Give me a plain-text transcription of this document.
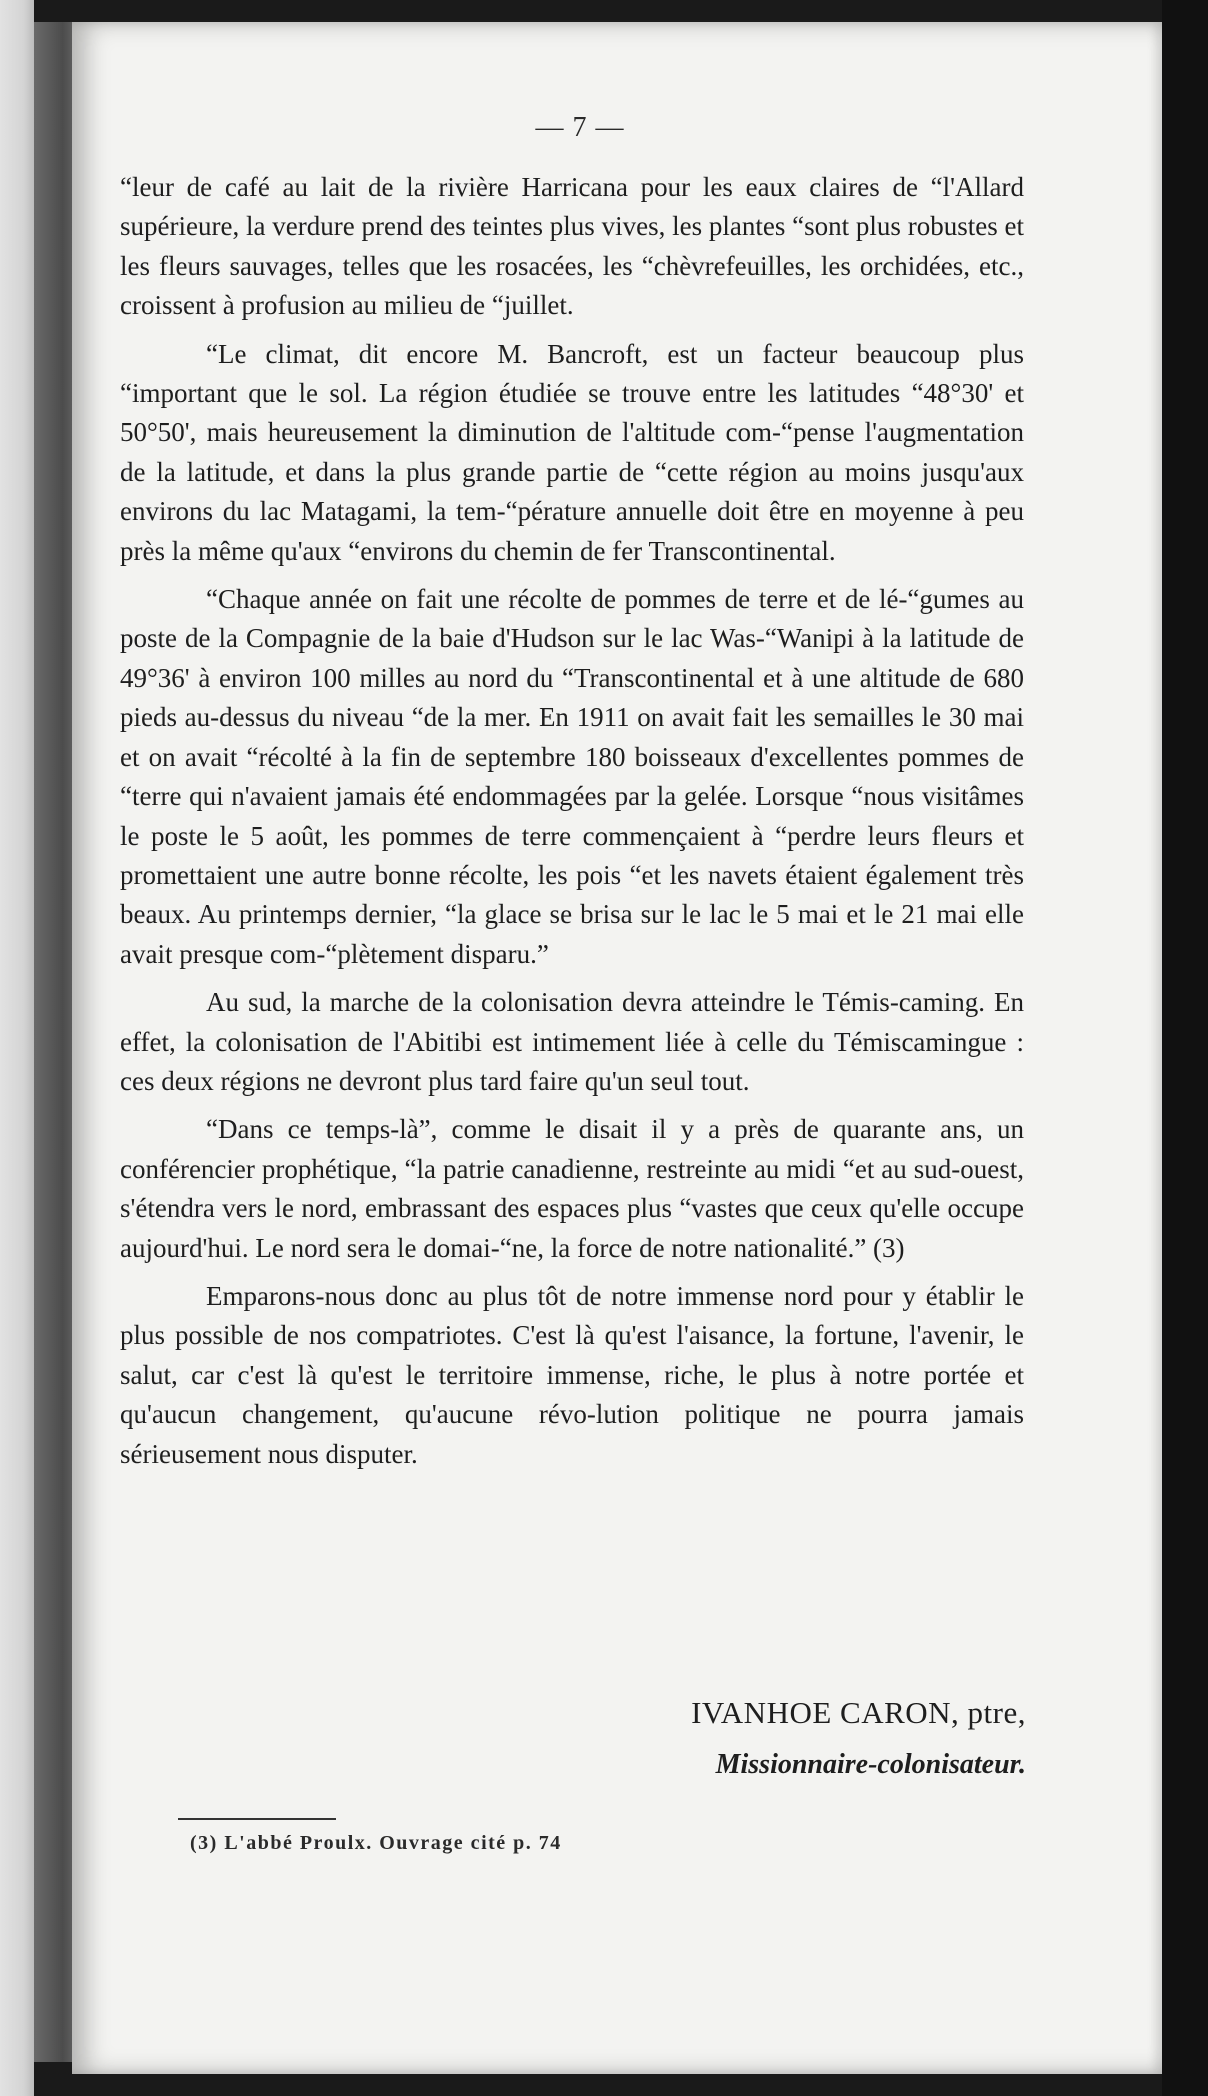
— 7 —

“leur de café au lait de la rivière Harricana pour les eaux claires de “l'Allard supérieure, la verdure prend des teintes plus vives, les plantes “sont plus robustes et les fleurs sauvages, telles que les rosacées, les “chèvrefeuilles, les orchidées, etc., croissent à profusion au milieu de “juillet.

“Le climat, dit encore M. Bancroft, est un facteur beaucoup plus “important que le sol. La région étudiée se trouve entre les latitudes “48°30' et 50°50', mais heureusement la diminution de l'altitude com-“pense l'augmentation de la latitude, et dans la plus grande partie de “cette région au moins jusqu'aux environs du lac Matagami, la tem-“pérature annuelle doit être en moyenne à peu près la même qu'aux “environs du chemin de fer Transcontinental.

“Chaque année on fait une récolte de pommes de terre et de lé-“gumes au poste de la Compagnie de la baie d'Hudson sur le lac Was-“Wanipi à la latitude de 49°36' à environ 100 milles au nord du “Transcontinental et à une altitude de 680 pieds au-dessus du niveau “de la mer. En 1911 on avait fait les semailles le 30 mai et on avait “récolté à la fin de septembre 180 boisseaux d'excellentes pommes de “terre qui n'avaient jamais été endommagées par la gelée. Lorsque “nous visitâmes le poste le 5 août, les pommes de terre commençaient à “perdre leurs fleurs et promettaient une autre bonne récolte, les pois “et les navets étaient également très beaux. Au printemps dernier, “la glace se brisa sur le lac le 5 mai et le 21 mai elle avait presque com-“plètement disparu.”

Au sud, la marche de la colonisation devra atteindre le Témis-caming. En effet, la colonisation de l'Abitibi est intimement liée à celle du Témiscamingue : ces deux régions ne devront plus tard faire qu'un seul tout.

“Dans ce temps-là”, comme le disait il y a près de quarante ans, un conférencier prophétique, “la patrie canadienne, restreinte au midi “et au sud-ouest, s'étendra vers le nord, embrassant des espaces plus “vastes que ceux qu'elle occupe aujourd'hui. Le nord sera le domai-“ne, la force de notre nationalité.” (3)

Emparons-nous donc au plus tôt de notre immense nord pour y établir le plus possible de nos compatriotes. C'est là qu'est l'aisance, la fortune, l'avenir, le salut, car c'est là qu'est le territoire immense, riche, le plus à notre portée et qu'aucun changement, qu'aucune révo-lution politique ne pourra jamais sérieusement nous disputer.

IVANHOE CARON, ptre,
Missionnaire-colonisateur.
(3) L'abbé Proulx. Ouvrage cité p. 74
